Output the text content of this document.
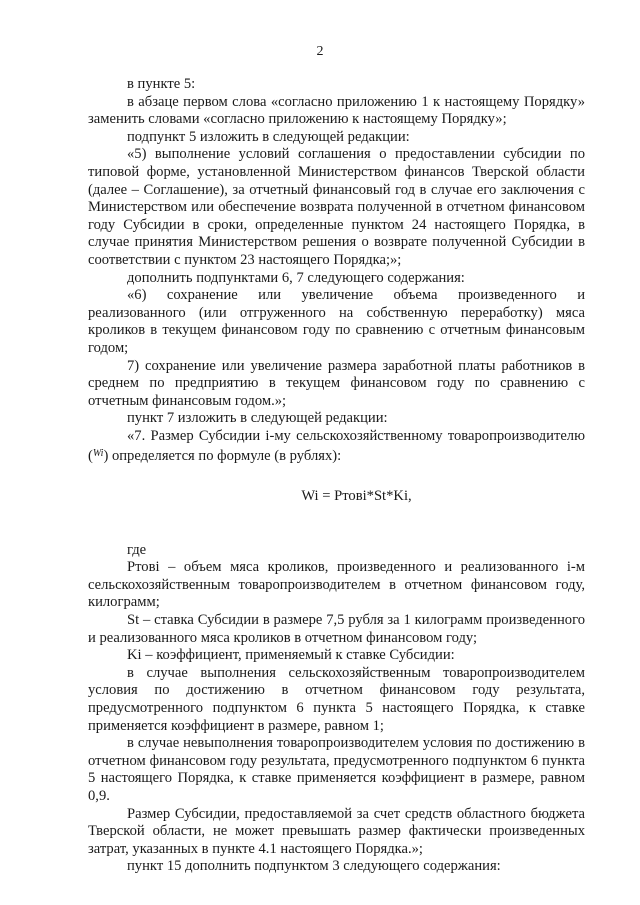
2

в пункте 5:

в абзаце первом слова «согласно приложению 1 к настоящему Порядку» заменить словами «согласно приложению к настоящему Порядку»;

подпункт 5 изложить в следующей редакции:

«5) выполнение условий соглашения о предоставлении субсидии по типовой форме, установленной Министерством финансов Тверской области (далее – Соглашение), за отчетный финансовый год в случае его заключения с Министерством или обеспечение возврата полученной в отчетном финансовом году Субсидии в сроки, определенные пунктом 24 настоящего Порядка, в случае принятия Министерством решения о возврате полученной Субсидии в соответствии с пунктом 23 настоящего Порядка;»;

дополнить подпунктами 6, 7 следующего содержания:

«6) сохранение или увеличение объема произведенного и реализованного (или отгруженного на собственную переработку) мяса кроликов в текущем финансовом году по сравнению с отчетным финансовым годом;

7) сохранение или увеличение размера заработной платы работников в среднем по предприятию в текущем финансовом году по сравнению с отчетным финансовым годом.»;

пункт 7 изложить в следующей редакции:

«7. Размер Субсидии i-му сельскохозяйственному товаропроизводителю ($^{Wi}$) определяется по формуле (в рублях):

Wi = Ртовi*St*Ki,

где

Ртовi – объем мяса кроликов, произведенного и реализованного i-м сельскохозяйственным товаропроизводителем в отчетном финансовом году, килограмм;

St – ставка Субсидии в размере 7,5 рубля за 1 килограмм произведенного и реализованного мяса кроликов в отчетном финансовом году;

Ki – коэффициент, применяемый к ставке Субсидии:

в случае выполнения сельскохозяйственным товаропроизводителем условия по достижению в отчетном финансовом году результата, предусмотренного подпунктом 6 пункта 5 настоящего Порядка, к ставке применяется коэффициент в размере, равном 1;

в случае невыполнения товаропроизводителем условия по достижению в отчетном финансовом году результата, предусмотренного подпунктом 6 пункта 5 настоящего Порядка, к ставке применяется коэффициент в размере, равном 0,9.

Размер Субсидии, предоставляемой за счет средств областного бюджета Тверской области, не может превышать размер фактически произведенных затрат, указанных в пункте 4.1 настоящего Порядка.»;

пункт 15 дополнить подпунктом 3 следующего содержания:
